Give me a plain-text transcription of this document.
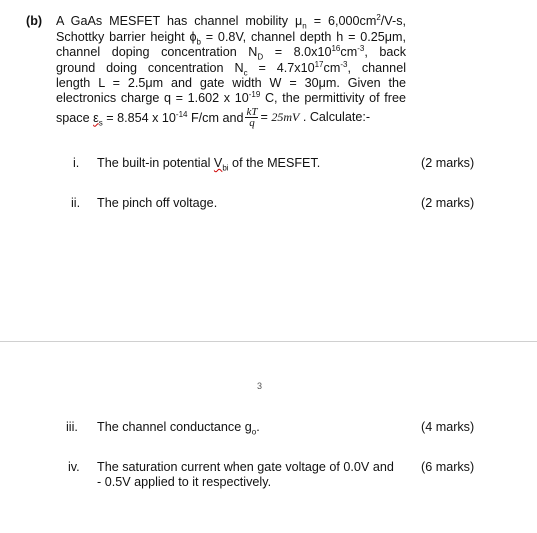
(b) A GaAs MESFET has channel mobility $\mu_n = 6,000cm^2/V-s$,
Schottky barrier height $\phi_b = 0.8V$, channel depth h = 0.25μm,
channel doping concentration $N_D = 8.0x10^{16}cm^{-3}$, back
ground doing concentration $N_c = 4.7x10^{17}cm^{-3}$, channel
length L = 2.5μm and gate width W = 30μm. Given the
electronics charge q = 1.602 x $10^{-19}$ C, the permittivity of free
space $\varepsilon_s = 8.854$ x $10^{-14}$ F/cm and $\frac{kT}{q} = 25mV$ . Calculate:-
i. The built-in potential $V_{bi}$ of the MESFET.	(2 marks)
ii. The pinch off voltage.	(2 marks)
3
iii. The channel conductance $g_o$.	(4 marks)
iv. The saturation current when gate voltage of 0.0V and
- 0.5V applied to it respectively.
(6 marks)
